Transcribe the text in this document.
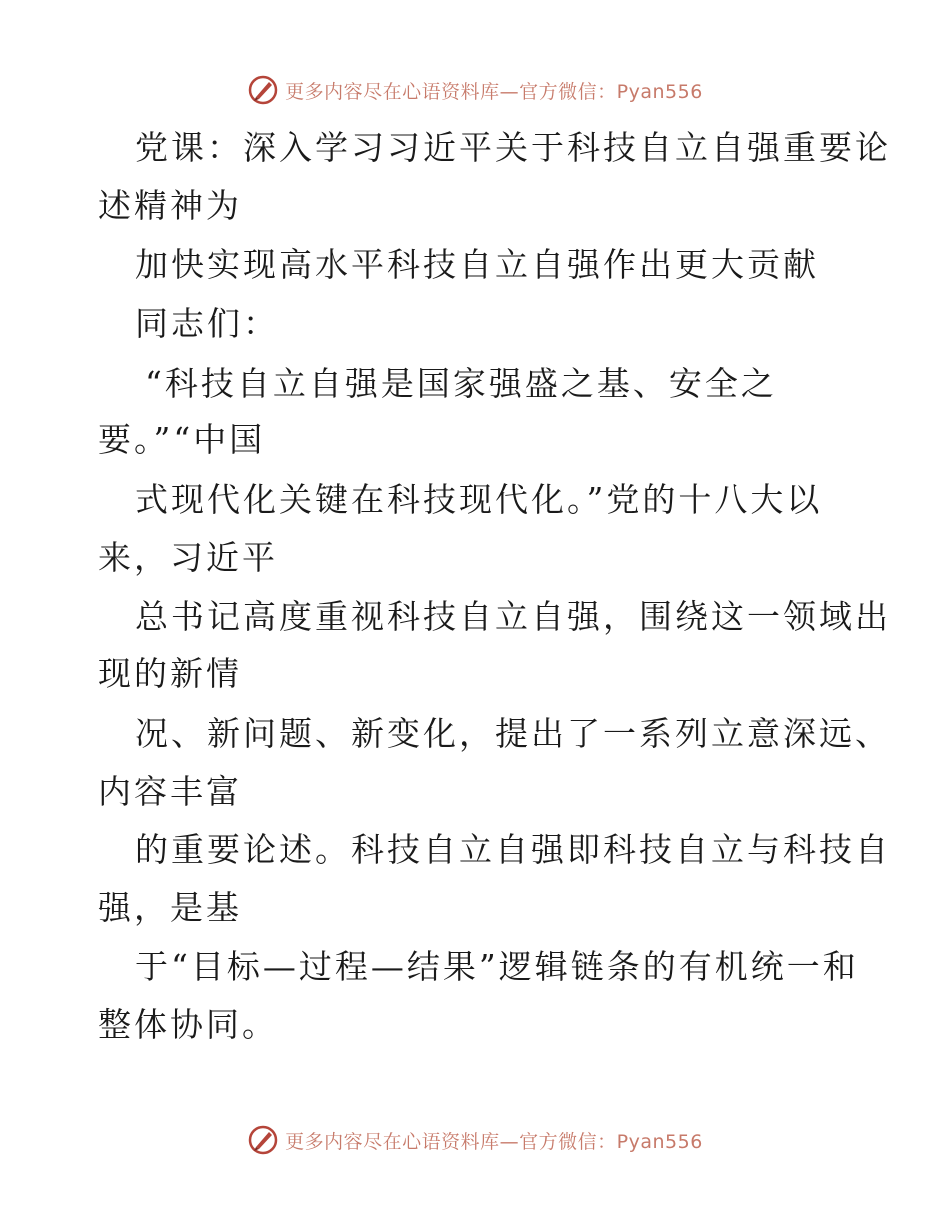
更多内容尽在心语资料库—官方微信：Pyan556
党课：深入学习习近平关于科技自立自强重要论
述精神为
加快实现高水平科技自立自强作出更大贡献
同志们：
“科技自立自强是国家强盛之基、安全之
要。”“中国
式现代化关键在科技现代化。”党的十八大以
来，习近平
总书记高度重视科技自立自强，围绕这一领域出
现的新情
况、新问题、新变化，提出了一系列立意深远、
内容丰富
的重要论述。科技自立自强即科技自立与科技自
强，是基
于“目标—过程—结果”逻辑链条的有机统一和
整体协同。
更多内容尽在心语资料库—官方微信：Pyan556
